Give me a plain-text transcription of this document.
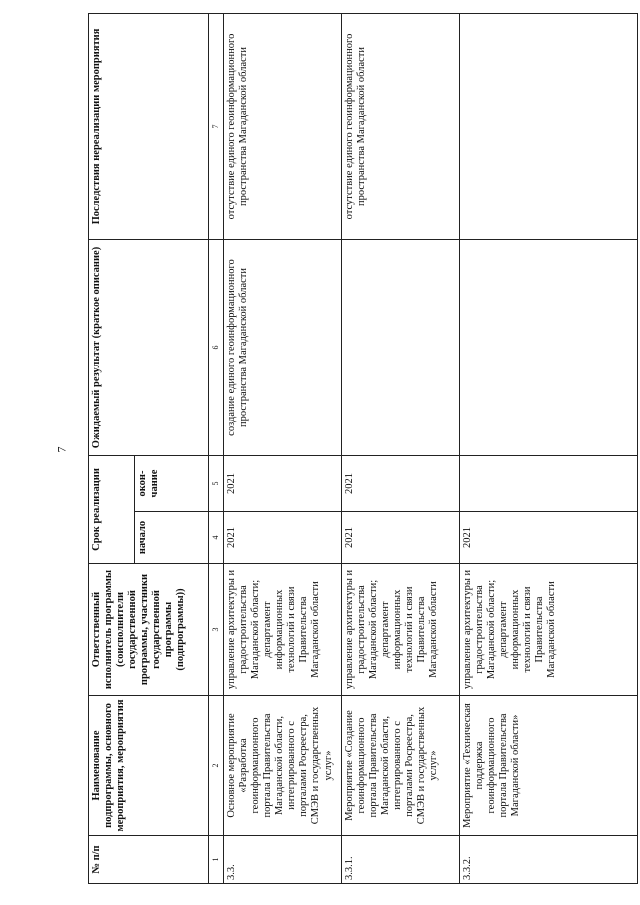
7
№ п/п	Наименование подпрограммы, основного мероприятия, мероприятия	Ответственный исполнитель программы (соисполнители государственной программы, участники государственной программы (подпрограммы))	Срок реализации		Ожидаемый результат (краткое описание)	Последствия нереализации мероприятия
			начало	окон-чание		
1	2	3	4	5	6	7
3.3.	Основное мероприятие «Разработка геоинформационного портала Правительства Магаданской области, интегрированного с порталами Росреестра, СМЭВ и государственных услуг»	управление архитектуры и градостроительства Магаданской области; департамент информационных технологий и связи Правительства Магаданской области	2021	2021	создание единого геоинформационного пространства Магаданской области	отсутствие единого геоинформационного пространства Магаданской области
3.3.1.	Мероприятие «Создание геоинформационного портала Правительства Магаданской области, интегрированного с порталами Росреестра, СМЭВ и государственных услуг»	управление архитектуры и градостроительства Магаданской области; департамент информационных технологий и связи Правительства Магаданской области	2021	2021		отсутствие единого геоинформационного пространства Магаданской области
3.3.2.	Мероприятие «Техническая поддержка геоинформационного портала Правительства Магаданской области»	управление архитектуры и градостроительства Магаданской области; департамент информационных технологий и связи Правительства Магаданской области	2021			
